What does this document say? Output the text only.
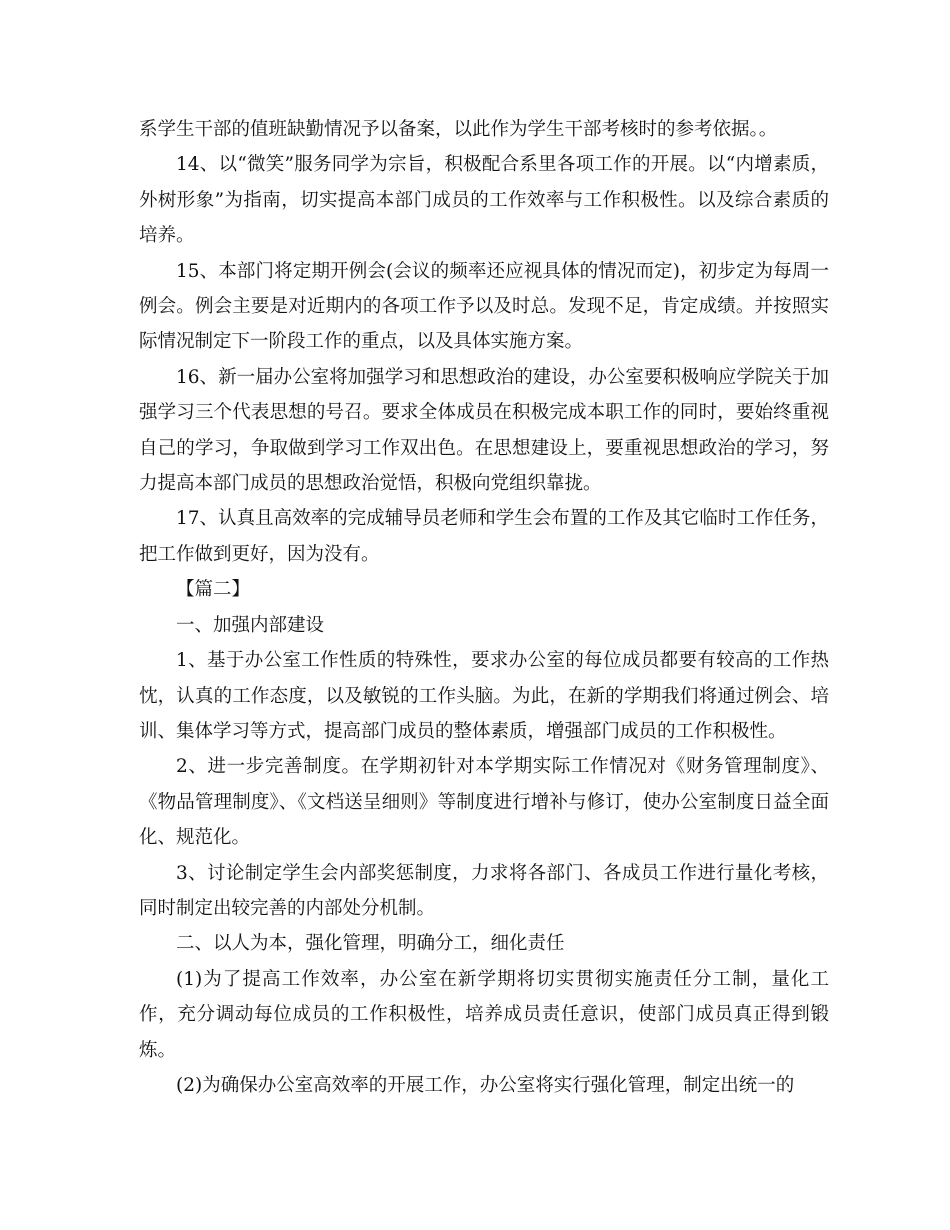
系学生干部的值班缺勤情况予以备案，以此作为学生干部考核时的参考依据。。

14、以“微笑”服务同学为宗旨，积极配合系里各项工作的开展。以“内增素质，外树形象”为指南，切实提高本部门成员的工作效率与工作积极性。以及综合素质的培养。

15、本部门将定期开例会(会议的频率还应视具体的情况而定)，初步定为每周一例会。例会主要是对近期内的各项工作予以及时总。发现不足，肯定成绩。并按照实际情况制定下一阶段工作的重点，以及具体实施方案。

16、新一届办公室将加强学习和思想政治的建设，办公室要积极响应学院关于加强学习三个代表思想的号召。要求全体成员在积极完成本职工作的同时，要始终重视自己的学习，争取做到学习工作双出色。在思想建设上，要重视思想政治的学习，努力提高本部门成员的思想政治觉悟，积极向党组织靠拢。

17、认真且高效率的完成辅导员老师和学生会布置的工作及其它临时工作任务，把工作做到更好，因为没有。

【篇二】

一、加强内部建设

1、基于办公室工作性质的特殊性，要求办公室的每位成员都要有较高的工作热忱，认真的工作态度，以及敏锐的工作头脑。为此，在新的学期我们将通过例会、培训、集体学习等方式，提高部门成员的整体素质，增强部门成员的工作积极性。

2、进一步完善制度。在学期初针对本学期实际工作情况对《财务管理制度》、《物品管理制度》、《文档送呈细则》等制度进行增补与修订，使办公室制度日益全面化、规范化。

3、讨论制定学生会内部奖惩制度，力求将各部门、各成员工作进行量化考核，同时制定出较完善的内部处分机制。

二、以人为本，强化管理，明确分工，细化责任

(1)为了提高工作效率，办公室在新学期将切实贯彻实施责任分工制，量化工作，充分调动每位成员的工作积极性，培养成员责任意识，使部门成员真正得到锻炼。

(2)为确保办公室高效率的开展工作，办公室将实行强化管理，制定出统一的
